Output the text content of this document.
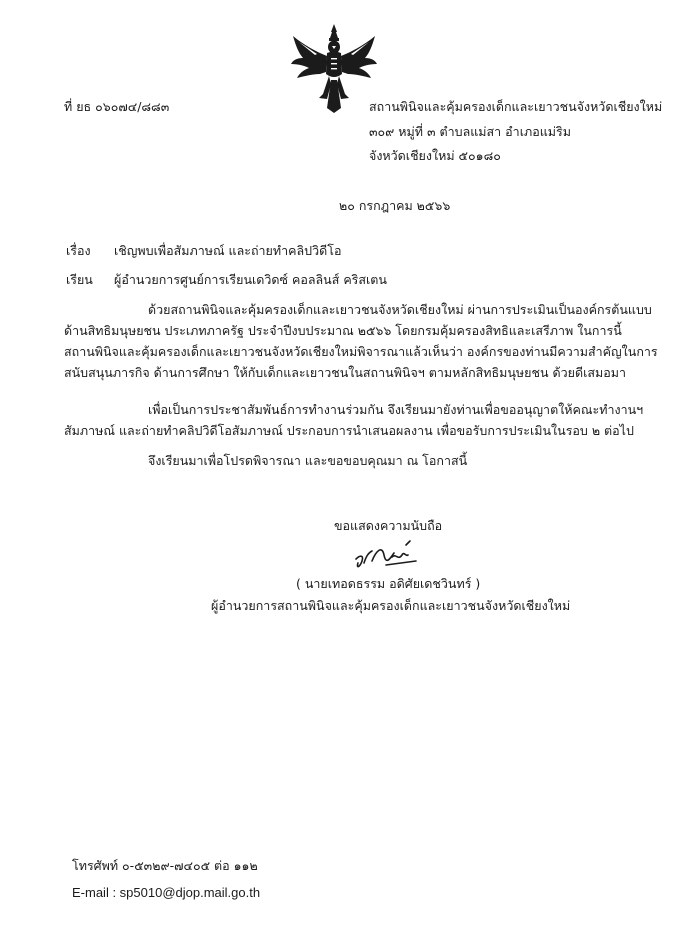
ที่ ยธ ๐๖๐๗๔/๘๘๓	สถานพินิจและคุ้มครองเด็กและเยาวชนจังหวัดเชียงใหม่
๓๐๙ หมู่ที่ ๓ ตำบลแม่สา อำเภอแม่ริม
จังหวัดเชียงใหม่ ๕๐๑๘๐
๒๐ กรกฎาคม ๒๕๖๖
เรื่อง เชิญพบเพื่อสัมภาษณ์ และถ่ายทำคลิปวิดีโอ
เรียน ผู้อำนวยการศูนย์การเรียนเดวิดซ์ คอลลินส์ คริสเตน
ด้วยสถานพินิจและคุ้มครองเด็กและเยาวชนจังหวัดเชียงใหม่ ผ่านการประเมินเป็นองค์กรต้นแบบ
ด้านสิทธิมนุษยชน ประเภทภาครัฐ ประจำปีงบประมาณ ๒๕๖๖ โดยกรมคุ้มครองสิทธิและเสรีภาพ ในการนี้
สถานพินิจและคุ้มครองเด็กและเยาวชนจังหวัดเชียงใหม่พิจารณาแล้วเห็นว่า องค์กรของท่านมีความสำคัญในการ
สนับสนุนภารกิจ ด้านการศึกษา ให้กับเด็กและเยาวชนในสถานพินิจฯ ตามหลักสิทธิมนุษยชน ด้วยดีเสมอมา
เพื่อเป็นการประชาสัมพันธ์การทำงานร่วมกัน จึงเรียนมายังท่านเพื่อขออนุญาตให้คณะทำงานฯ
สัมภาษณ์ และถ่ายทำคลิปวิดีโอสัมภาษณ์ ประกอบการนำเสนอผลงาน เพื่อขอรับการประเมินในรอบ ๒ ต่อไป
จึงเรียนมาเพื่อโปรดพิจารณา และขอขอบคุณมา ณ โอกาสนี้
ขอแสดงความนับถือ
( นายเทอดธรรม อดิศัยเดชวินทร์ )
ผู้อำนวยการสถานพินิจและคุ้มครองเด็กและเยาวชนจังหวัดเชียงใหม่
โทรศัพท์ ๐-๕๓๒๙-๗๔๐๕ ต่อ ๑๑๒
E-mail : sp5010@djop.mail.go.th
